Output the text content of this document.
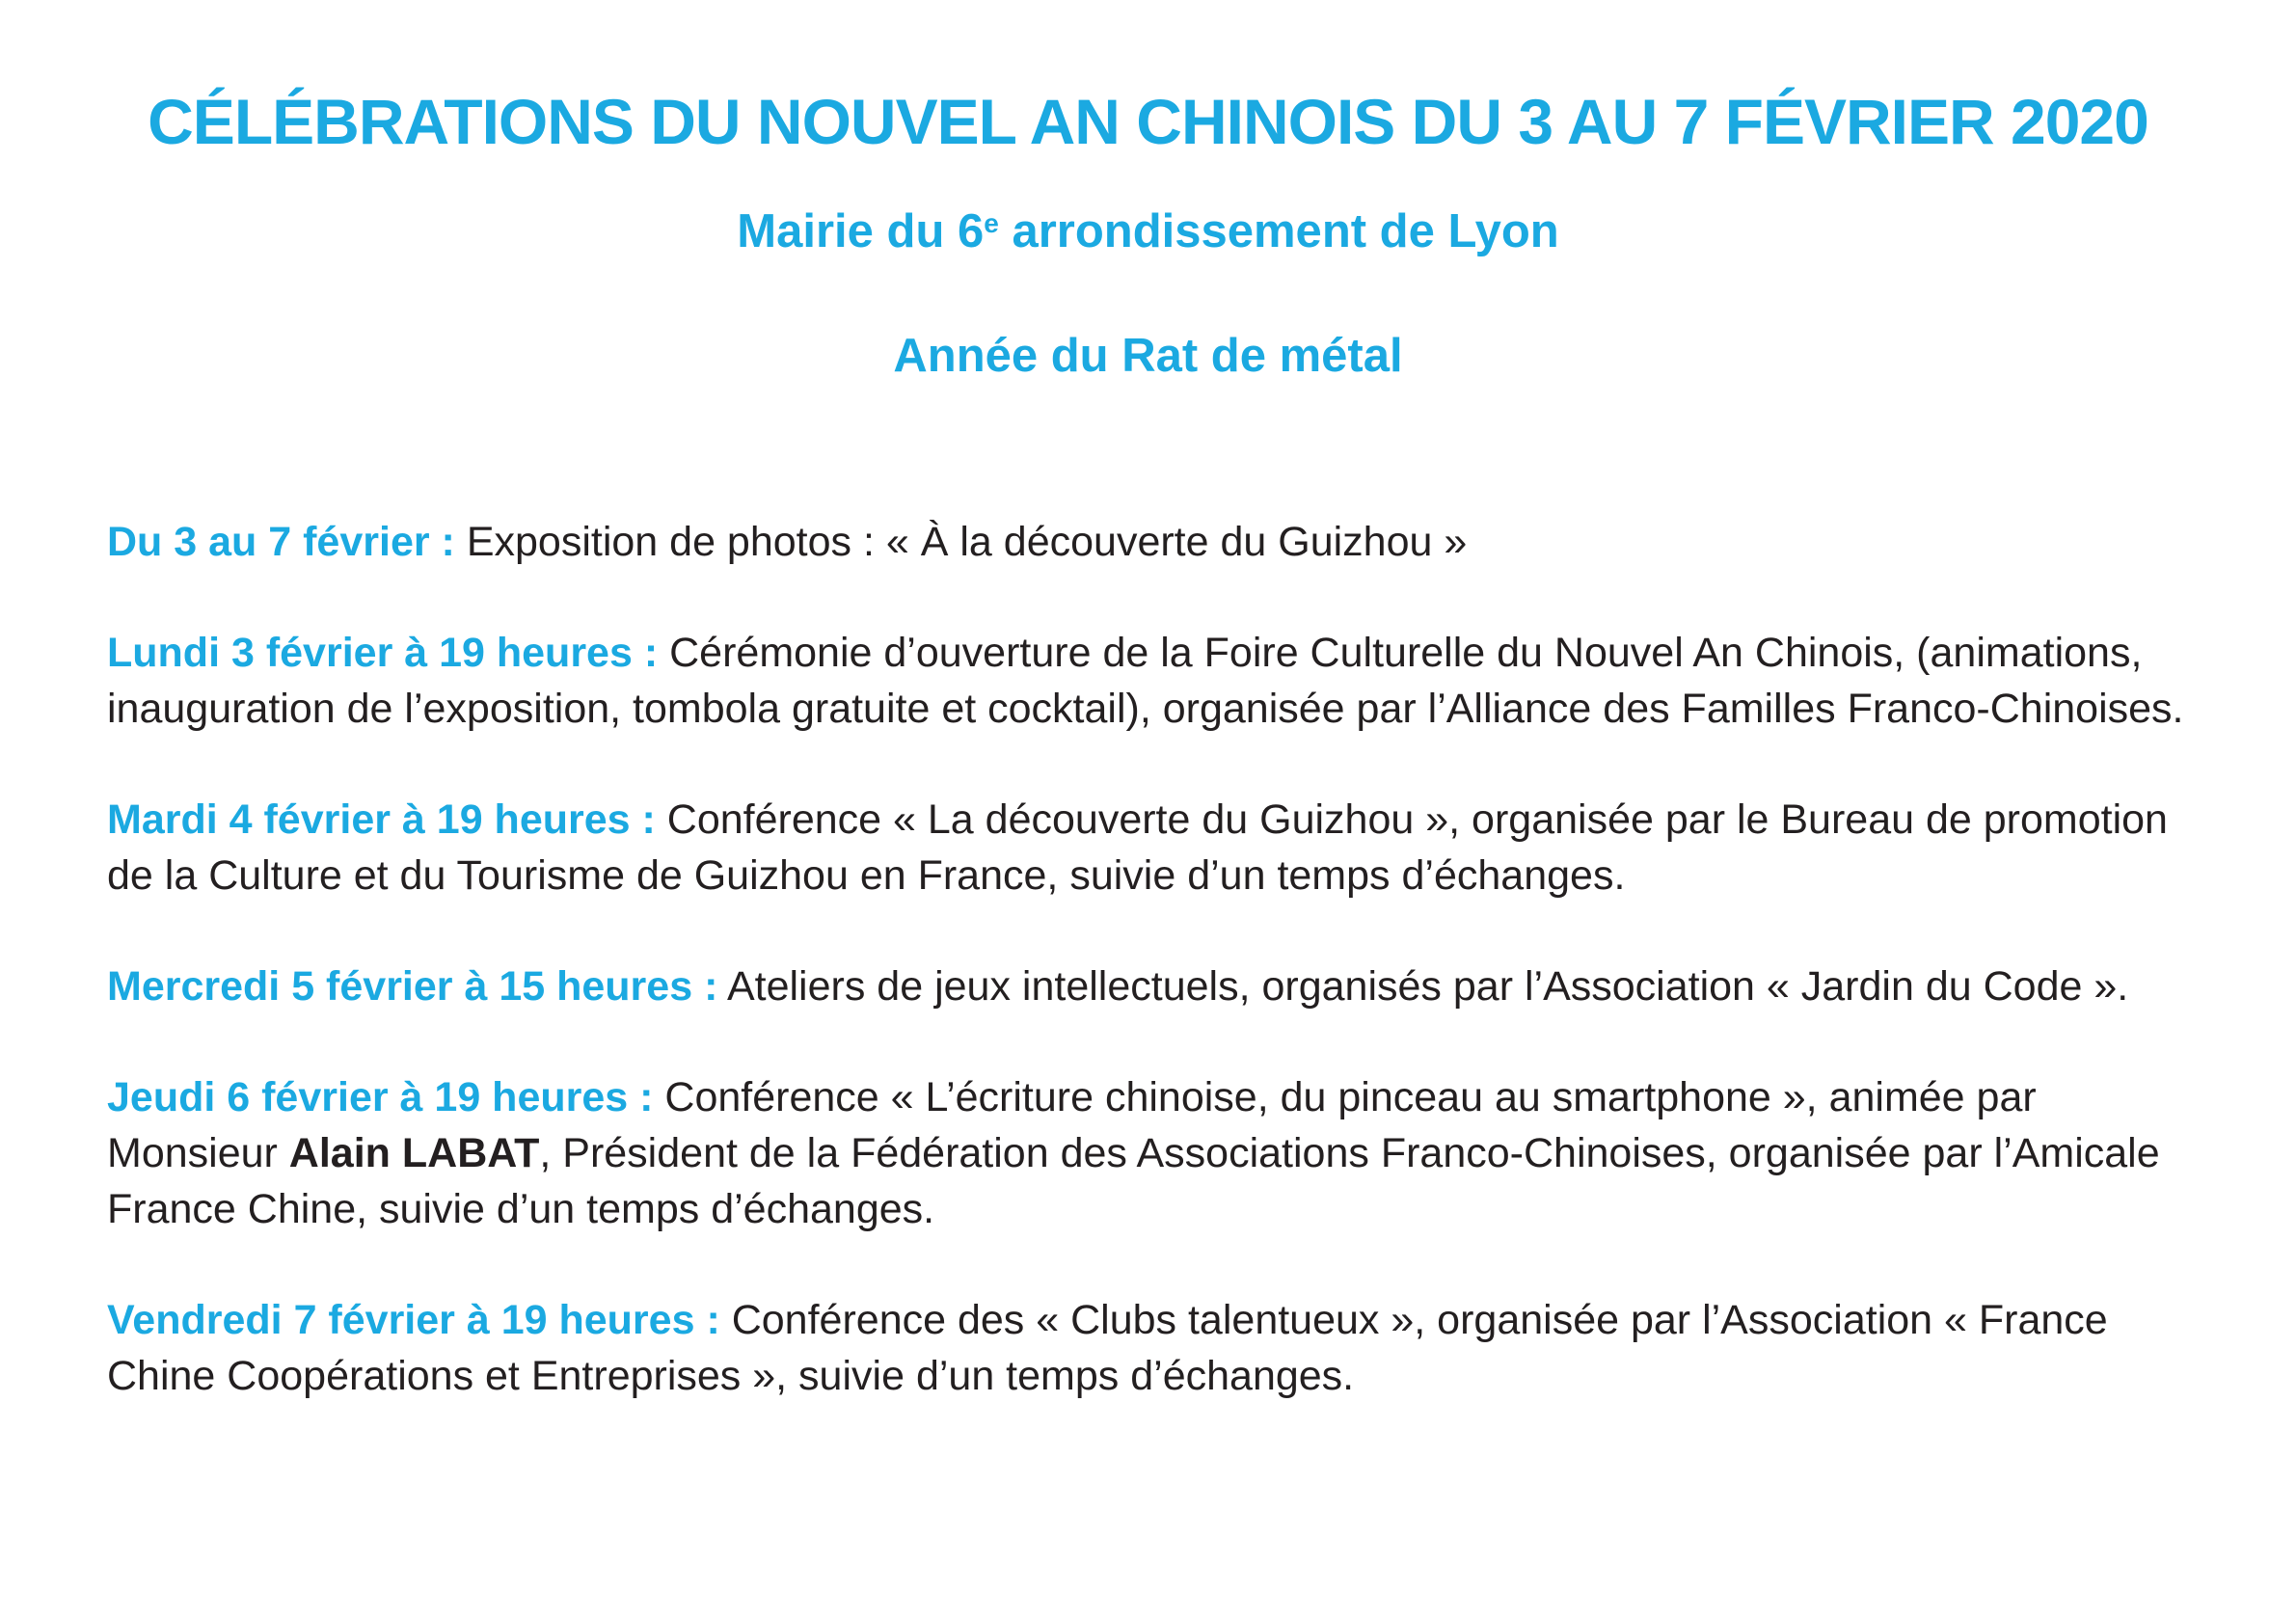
CÉLÉBRATIONS DU NOUVEL AN CHINOIS DU 3 AU 7 FÉVRIER 2020
Mairie du 6e arrondissement de Lyon
Année du Rat de métal

Du 3 au 7 février : Exposition de photos : « À la découverte du Guizhou »

Lundi 3 février à 19 heures : Cérémonie d’ouverture de la Foire Culturelle du Nouvel An Chinois, (animations, inauguration de l’exposition, tombola gratuite et cocktail), organisée par l’Alliance des Familles Franco-Chinoises.

Mardi 4 février à 19 heures : Conférence « La découverte du Guizhou », organisée par le Bureau de promotion de la Culture et du Tourisme de Guizhou en France, suivie d’un temps d’échanges.

Mercredi 5 février à 15 heures : Ateliers de jeux intellectuels, organisés par l’Association « Jardin du Code ».

Jeudi 6 février à 19 heures : Conférence « L’écriture chinoise, du pinceau au smartphone », animée par Monsieur Alain LABAT, Président de la Fédération des Associations Franco-Chinoises, organisée par l’Amicale France Chine, suivie d’un temps d’échanges.

Vendredi 7 février à 19 heures : Conférence des « Clubs talentueux », organisée par l’Association « France Chine Coopérations et Entreprises », suivie d’un temps d’échanges.
